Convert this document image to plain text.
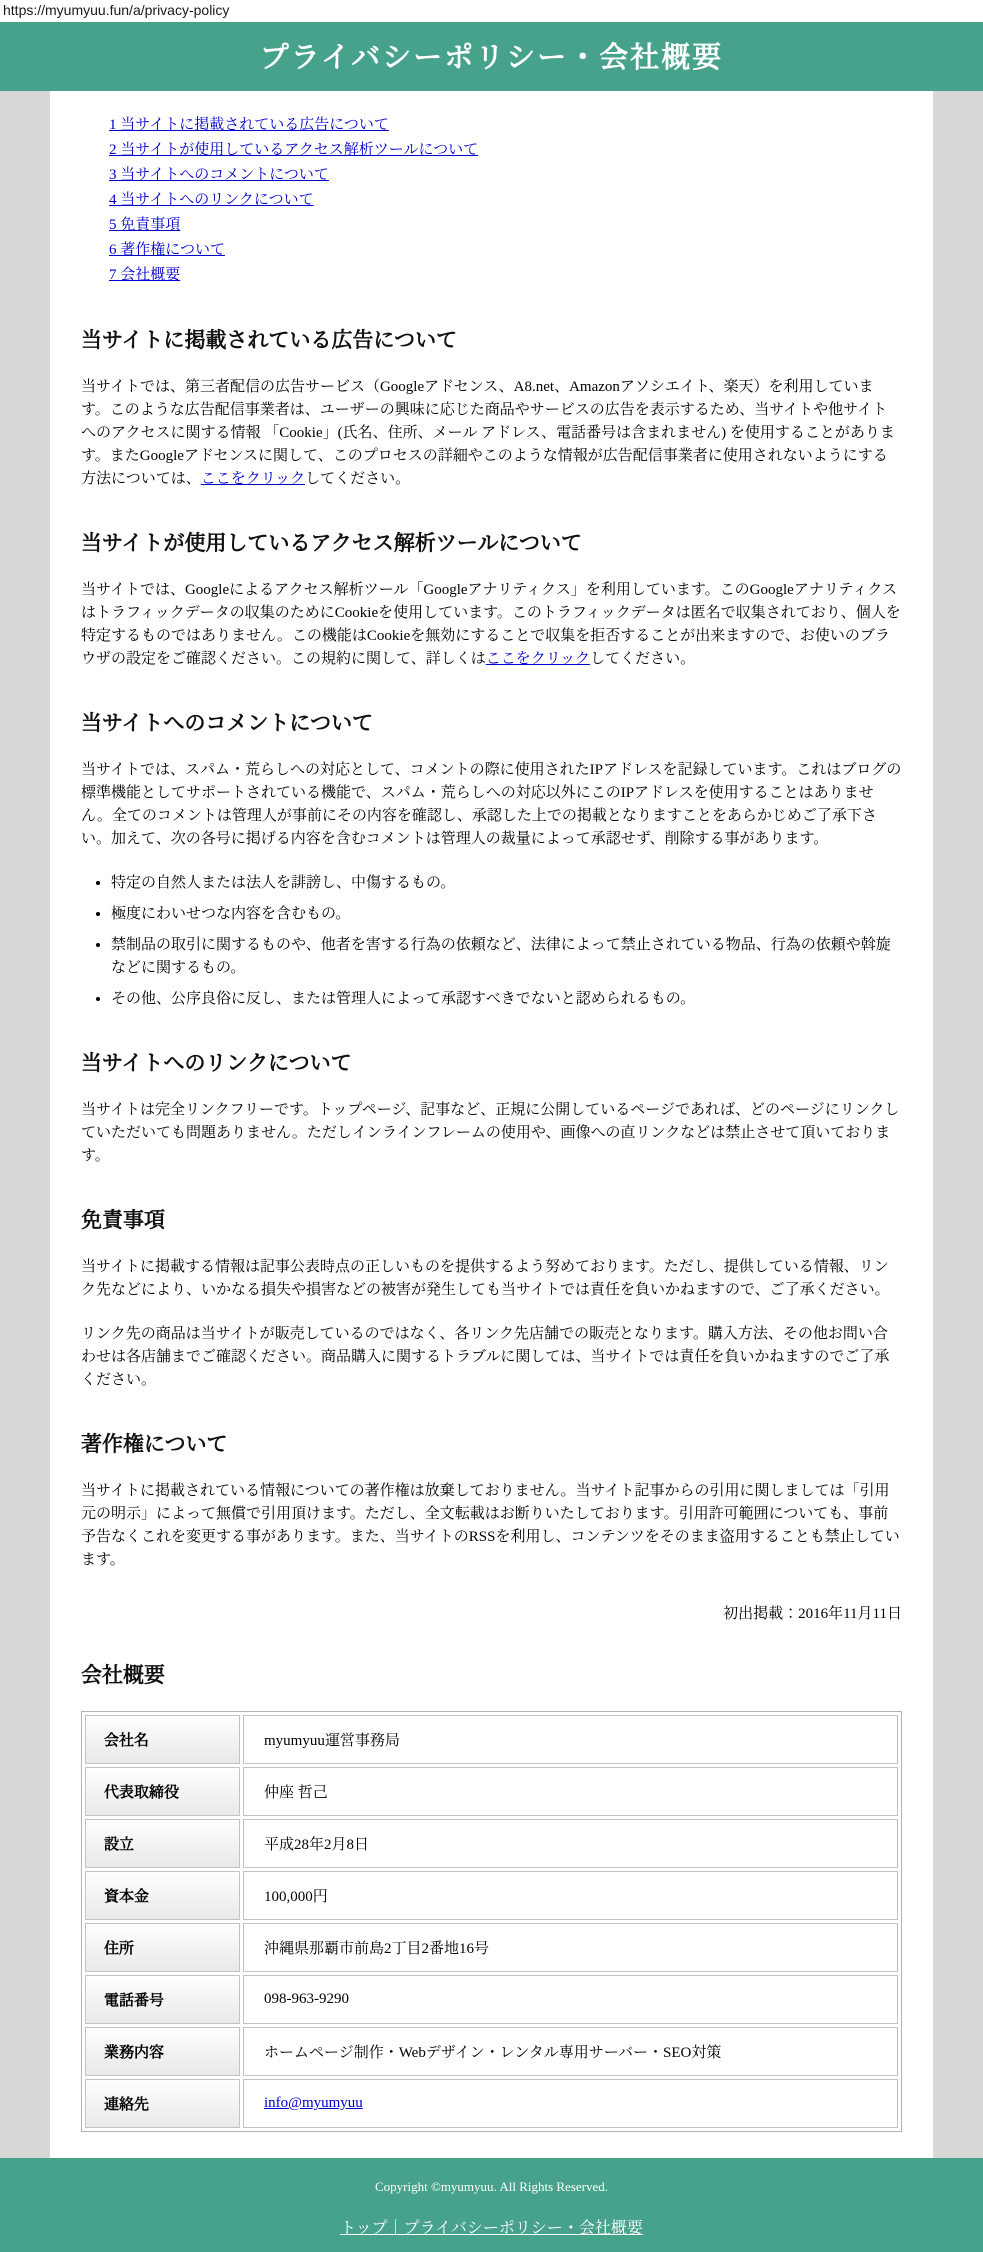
https://myumyuu.fun/a/privacy-policy
プライバシーポリシー・会社概要
1 当サイトに掲載されている広告について
2 当サイトが使用しているアクセス解析ツールについて
3 当サイトへのコメントについて
4 当サイトへのリンクについて
5 免責事項
6 著作権について
7 会社概要
当サイトに掲載されている広告について

当サイトでは、第三者配信の広告サービス（Googleアドセンス、A8.net、Amazonアソシエイト、楽天）を利用しています。このような広告配信事業者は、ユーザーの興味に応じた商品やサービスの広告を表示するため、当サイトや他サイトへのアクセスに関する情報 「Cookie」(氏名、住所、メール アドレス、電話番号は含まれません) を使用することがあります。またGoogleアドセンスに関して、このプロセスの詳細やこのような情報が広告配信事業者に使用されないようにする方法については、ここをクリックしてください。

当サイトが使用しているアクセス解析ツールについて

当サイトでは、Googleによるアクセス解析ツール「Googleアナリティクス」を利用しています。このGoogleアナリティクスはトラフィックデータの収集のためにCookieを使用しています。このトラフィックデータは匿名で収集されており、個人を特定するものではありません。この機能はCookieを無効にすることで収集を拒否することが出来ますので、お使いのブラウザの設定をご確認ください。この規約に関して、詳しくはここをクリックしてください。

当サイトへのコメントについて

当サイトでは、スパム・荒らしへの対応として、コメントの際に使用されたIPアドレスを記録しています。これはブログの標準機能としてサポートされている機能で、スパム・荒らしへの対応以外にこのIPアドレスを使用することはありません。全てのコメントは管理人が事前にその内容を確認し、承認した上での掲載となりますことをあらかじめご了承下さい。加えて、次の各号に掲げる内容を含むコメントは管理人の裁量によって承認せず、削除する事があります。

• 特定の自然人または法人を誹謗し、中傷するもの。
• 極度にわいせつな内容を含むもの。
• 禁制品の取引に関するものや、他者を害する行為の依頼など、法律によって禁止されている物品、行為の依頼や斡旋などに関するもの。
• その他、公序良俗に反し、または管理人によって承認すべきでないと認められるもの。
当サイトへのリンクについて

当サイトは完全リンクフリーです。トップページ、記事など、正規に公開しているページであれば、どのページにリンクしていただいても問題ありません。ただしインラインフレームの使用や、画像への直リンクなどは禁止させて頂いております。

免責事項

当サイトに掲載する情報は記事公表時点の正しいものを提供するよう努めております。ただし、提供している情報、リンク先などにより、いかなる損失や損害などの被害が発生しても当サイトでは責任を負いかねますので、ご了承ください。

リンク先の商品は当サイトが販売しているのではなく、各リンク先店舗での販売となります。購入方法、その他お問い合わせは各店舗までご確認ください。商品購入に関するトラブルに関しては、当サイトでは責任を負いかねますのでご了承ください。

著作権について

当サイトに掲載されている情報についての著作権は放棄しておりません。当サイト記事からの引用に関しましては「引用元の明示」によって無償で引用頂けます。ただし、全文転載はお断りいたしております。引用許可範囲についても、事前予告なくこれを変更する事があります。また、当サイトのRSSを利用し、コンテンツをそのまま盗用することも禁止しています。

初出掲載：2016年11月11日
会社概要
会社名	myumyuu運営事務局
代表取締役	仲座 哲己
設立	平成28年2月8日
資本金	100,000円
住所	沖縄県那覇市前島2丁目2番地16号
電話番号	098-963-9290
業務内容	ホームページ制作・Webデザイン・レンタル専用サーバー・SEO対策
連絡先	info@myumyuu

Copyright ©myumyuu. All Rights Reserved.

トップ｜プライバシーポリシー・会社概要
